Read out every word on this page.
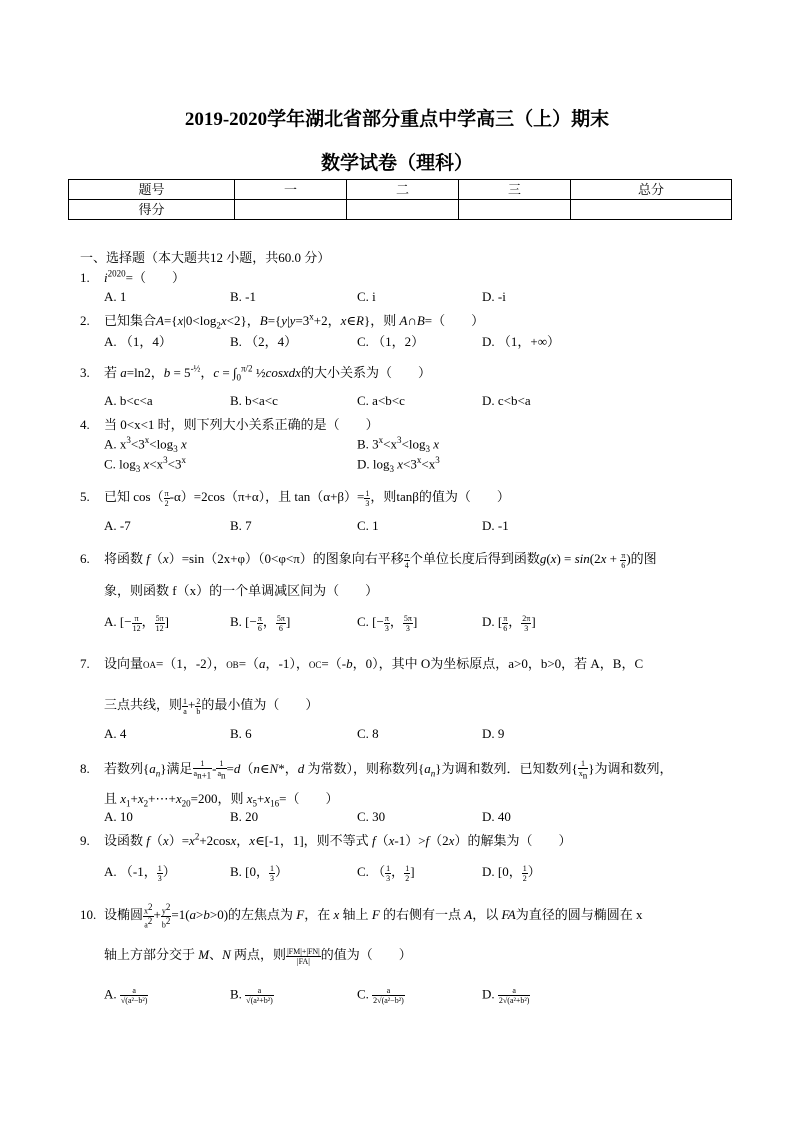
2019-2020学年湖北省部分重点中学高三（上）期末
数学试卷（理科）
题号	一	二	三	总分
得分				
一、选择题（本大题共12 小题，共60.0 分）
1. $i^{2020}=$（　　）
A. 1	B. -1	C. i	D. -i
2. 已知集合$A=\{x|0<\log_2x<2\}$，$B=\{y|y=3^x+2$，x∈R}，则 A∩B=（　　）
A. （1，4）	B. （2，4）	C. （1，2）	D. （1，+∞）
3. 若 a=ln2，$b = 5^{-\frac{1}{2}}$，$c = \int_0^{\pi/2}$ ½cosxdx的大小关系为（　　）
A. b<c<a	B. b<a<c	C. a<b<c	D. c<b<a
4. 当 0<x<1 时，则下列大小关系正确的是（　　）
A. $x^3<3^x<\log_3$ x	B. $3^x<x^3<\log_3$ x
C. $\log_3 x<x^3<3^x$	D. $\log_3 x<3^x<x^3$
5. 已知 $\cos( \frac{\pi}{2} -\alpha)=2\cos(\pi+\alpha)$，且 $\tan(\alpha+\beta)= \frac{1}{3}$ ，则tanβ的值为（　　）
A. -7	B. 7	C. 1	D. -1
6. 将函数 f（x）=sin（2x+φ）（0<φ<π）的图象向右平移 $\frac{\pi}{4}$ 个单位长度后得到函数$g(x) = \sin(2x + \frac{\pi}{6}$ )的图
象，则函数 f（x）的一个单调减区间为（　　）
A. [− $\frac{\pi}{12}$ ， $\frac{5\pi}{12}$ ]	B. [− $\frac{\pi}{6}$ ， $\frac{5\pi}{6}$ ]	C. [− $\frac{\pi}{3}$ ， $\frac{5\pi}{3}$ ]	D. [ $\frac{\pi}{6}$ ， $\frac{2\pi}{3}$ ]
7. 设向量OA=（1，-2），OB=（a，-1），OC=（-b，0），其中 O为坐标原点，a>0，b>0，若 A，B，C
三点共线，则 $\frac{1}{a} + \frac{2}{b}$ 的最小值为（　　）
A. 4	B. 6	C. 8	D. 9
8. 若数列$\{a_n\}$满足 $\frac{1}{a_{n+1}} - \frac{1}{a_n}$ =d（n∈N*，d 为常数），则称数列$\{a_n\}$为调和数列．已知数列{ $\frac{1}{x_n}$ }为调和数列，
且 $x_1+x_2+\cdots+x_{20}=200$，则 $x_5+x_{16}=$（　　）
A. 10	B. 20	C. 30	D. 40
9. 设函数 $f(x)=x^2+2\cos x$，x∈[-1，1]，则不等式 f（x-1）>f（2x）的解集为（　　）
A. （-1， $\frac{1}{3}$ ）	B. [0， $\frac{1}{3}$ ）	C. （ $\frac{1}{3}$ ， $\frac{1}{2}$ ]	D. [0， $\frac{1}{2}$ ）
10. 设椭圆 $\frac{x^2}{a^2} + \frac{y^2}{b^2} =1(a>b>0)$的左焦点为 F，在 x 轴上 F 的右侧有一点 A，以 FA为直径的圆与椭圆在 x
轴上方部分交于 M、N 两点，则 $\frac{|FM|+|FN|}{|FA|}$ 的值为（　　）
A. $\frac{a}{\text{√(a²−b²)}}$	B. $\frac{a}{\text{√(a²+b²)}}$	C. $\frac{a}{\text{2√(a²−b²)}}$	D. $\frac{a}{\text{2√(a²+b²)}}$
